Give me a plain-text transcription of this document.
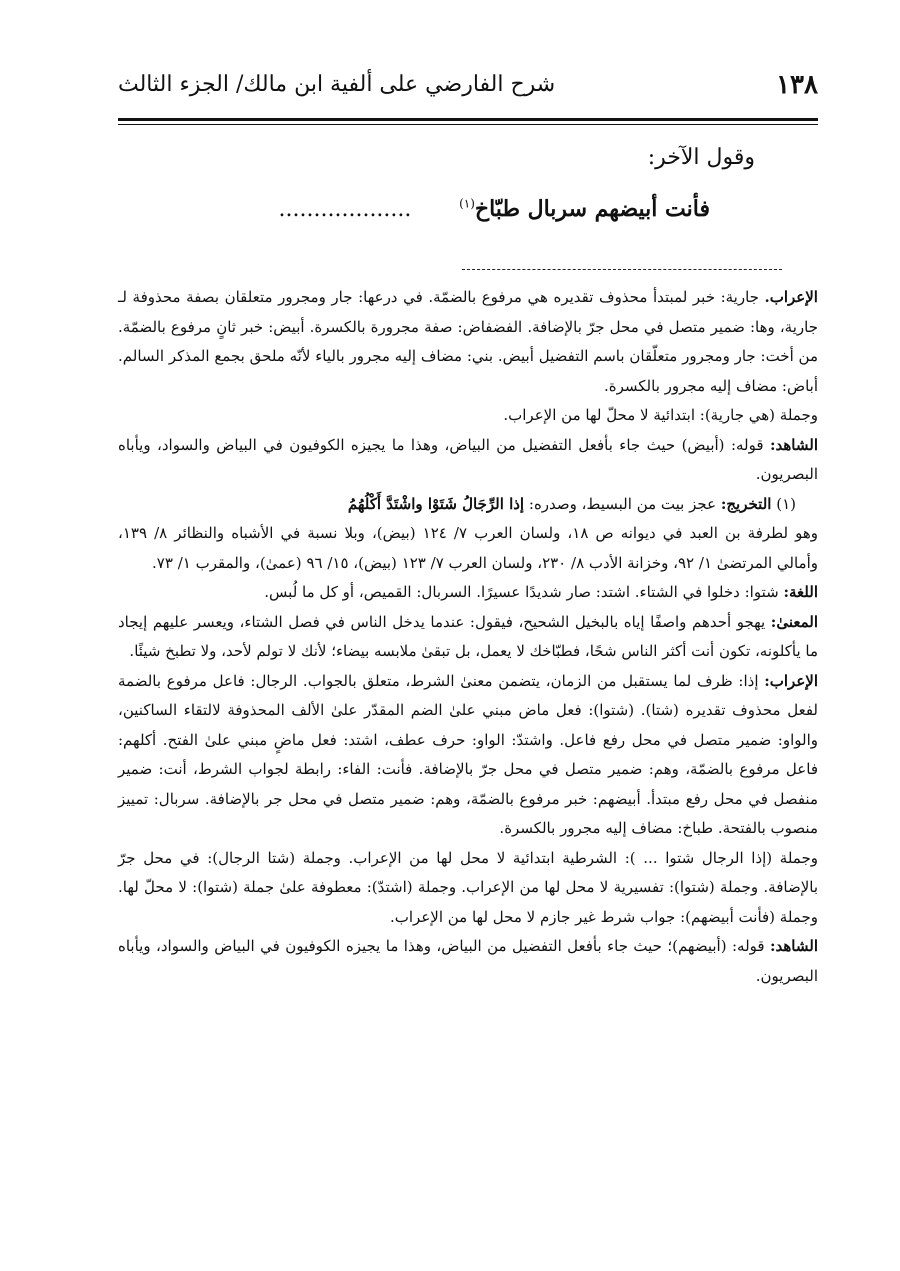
١٣٨
شرح الفارضي على ألفية ابن مالك/ الجزء الثالث
وقول الآخر:
فأنت أبيضهم سربال طبّاخ$^{(١)}$ ...................

الإعراب. جارية: خبر لمبتدأ محذوف تقديره هي مرفوع بالضمّة. في درعها: جار ومجرور متعلقان بصفة محذوفة لـ جارية، وها: ضمير متصل في محل جرّ بالإضافة. الفضفاض: صفة مجرورة بالكسرة. أبيض: خبر ثانٍ مرفوع بالضمّة. من أخت: جار ومجرور متعلّقان باسم التفضيل أبيض. بني: مضاف إليه مجرور بالياء لأنّه ملحق بجمع المذكر السالم. أباض: مضاف إليه مجرور بالكسرة.

وجملة (هي جارية): ابتدائية لا محلّ لها من الإعراب.

الشاهد: قوله: (أبيض) حيث جاء بأفعل التفضيل من البياض، وهذا ما يجيزه الكوفيون في البياض والسواد، ويأباه البصريون.

(١) التخريج: عجز بيت من البسيط، وصدره: إذا الرِّجَالُ شَتَوْا واشْتَدَّ أَكْلُهُمُ

وهو لطرفة بن العبد في ديوانه ص ١٨، ولسان العرب ٧/ ١٢٤ (بيض)، وبلا نسبة في الأشباه والنظائر ٨/ ١٣٩، وأمالي المرتضىٰ ١/ ٩٢، وخزانة الأدب ٨/ ٢٣٠، ولسان العرب ٧/ ١٢٣ (بيض)، ١٥/ ٩٦ (عمیٰ)، والمقرب ١/ ٧٣.

اللغة: شتوا: دخلوا في الشتاء. اشتد: صار شديدًا عسيرًا. السربال: القميص، أو كل ما لُبس.

المعنىٰ: يهجو أحدهم واصفًا إياه بالبخيل الشحيح، فيقول: عندما يدخل الناس في فصل الشتاء، ويعسر عليهم إيجاد ما يأكلونه، تكون أنت أكثر الناس شحًا، فطبّاخك لا يعمل، بل تبقىٰ ملابسه بيضاء؛ لأنك لا تولم لأحد، ولا تطبخ شيئًا.

الإعراب: إذا: ظرف لما يستقبل من الزمان، يتضمن معنىٰ الشرط، متعلق بالجواب. الرجال: فاعل مرفوع بالضمة لفعل محذوف تقديره (شتا). (شتوا): فعل ماض مبني علىٰ الضم المقدّر علىٰ الألف المحذوفة لالتقاء الساكنين، والواو: ضمير متصل في محل رفع فاعل. واشتدّ: الواو: حرف عطف، اشتد: فعل ماضٍ مبني علىٰ الفتح. أكلهم: فاعل مرفوع بالضمّة، وهم: ضمير متصل في محل جرّ بالإضافة. فأنت: الفاء: رابطة لجواب الشرط، أنت: ضمير منفصل في محل رفع مبتدأ. أبيضهم: خبر مرفوع بالضمّة، وهم: ضمير متصل في محل جر بالإضافة. سربال: تمييز منصوب بالفتحة. طباخ: مضاف إليه مجرور بالكسرة.

وجملة (إذا الرجال شتوا ... ): الشرطية ابتدائية لا محل لها من الإعراب. وجملة (شتا الرجال): في محل جرّ بالإضافة. وجملة (شتوا): تفسيرية لا محل لها من الإعراب. وجملة (اشتدّ): معطوفة علىٰ جملة (شتوا): لا محلّ لها. وجملة (فأنت أبيضهم): جواب شرط غير جازم لا محل لها من الإعراب.

الشاهد: قوله: (أبيضهم)؛ حيث جاء بأفعل التفضيل من البياض، وهذا ما يجيزه الكوفيون في البياض والسواد، ويأباه البصريون.
